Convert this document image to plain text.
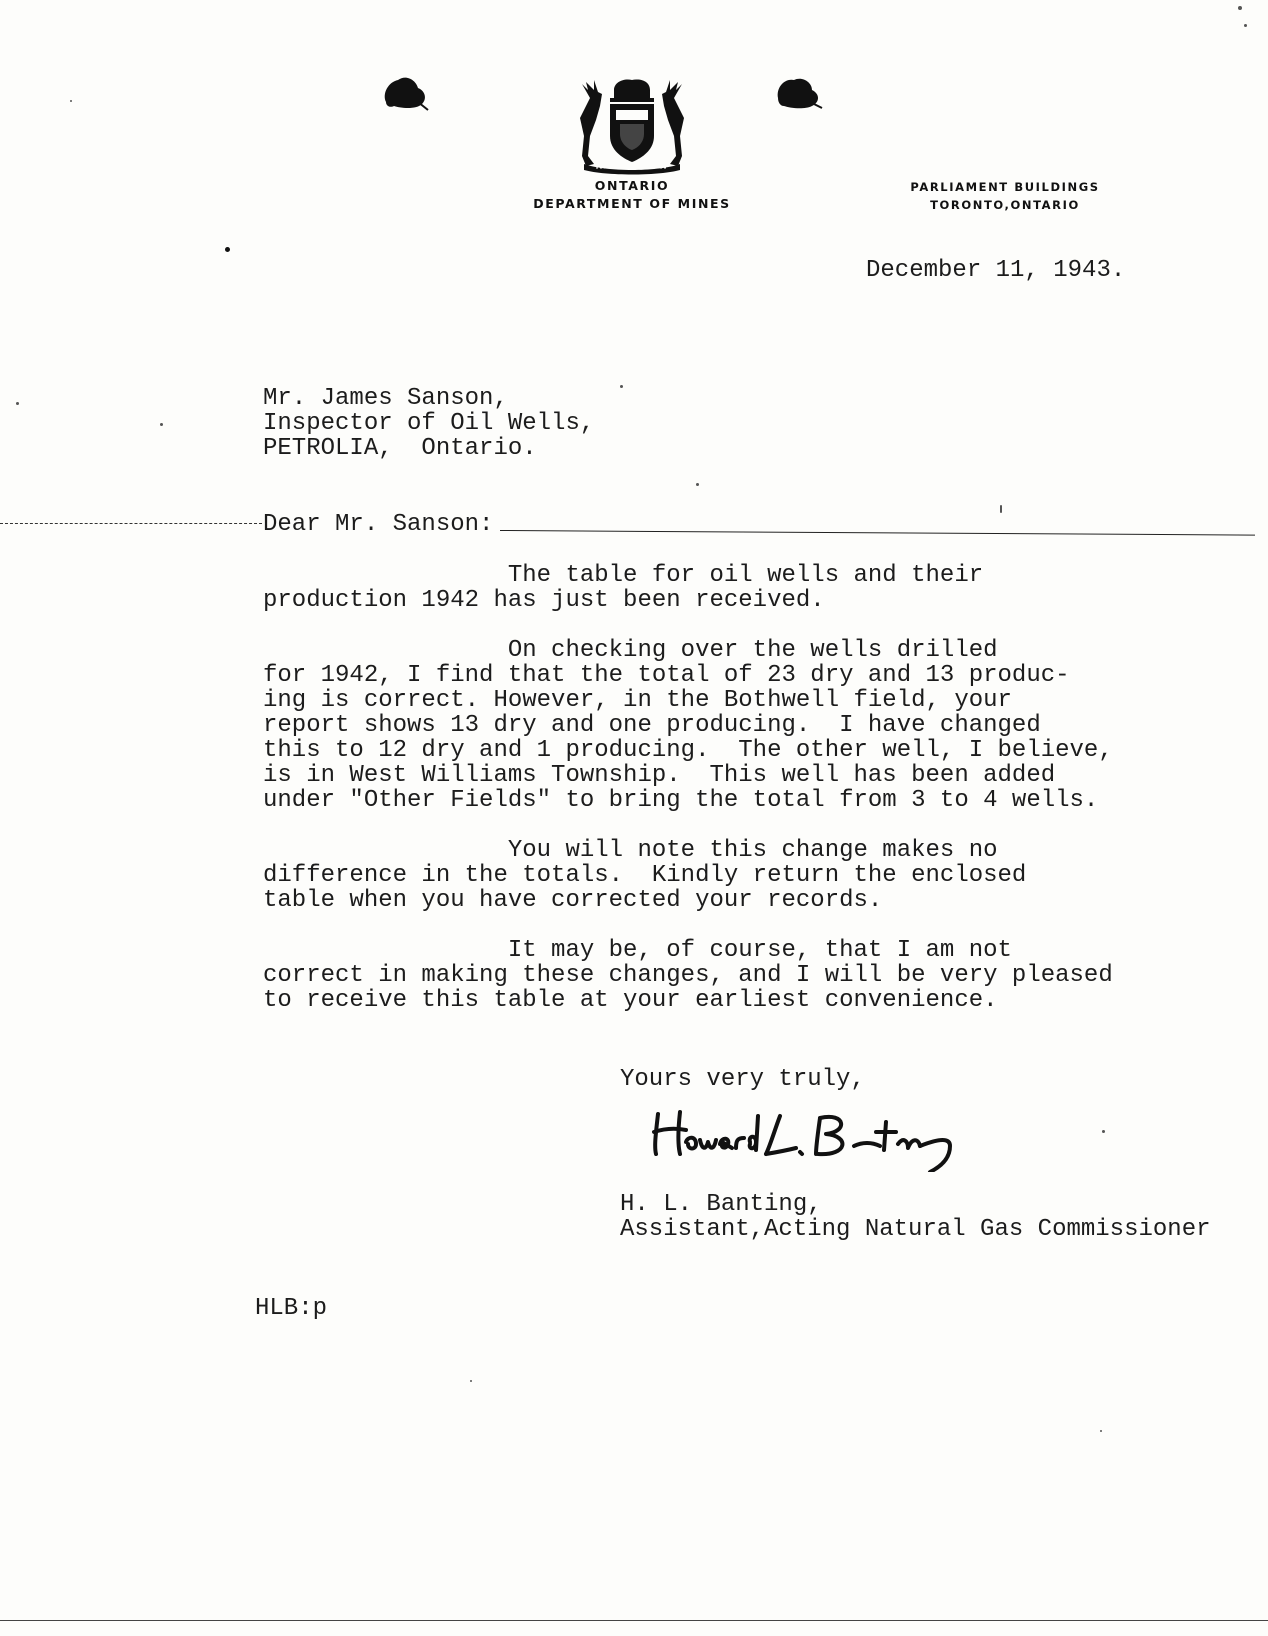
ONTARIO
DEPARTMENT OF MINES
PARLIAMENT BUILDINGS
TORONTO,ONTARIO
December 11, 1943.
Mr. James Sanson,
Inspector of Oil Wells,
PETROLIA,  Ontario.
Dear Mr. Sanson:
The table for oil wells and their
production 1942 has just been received.
On checking over the wells drilled
for 1942, I find that the total of 23 dry and 13 produc-
ing is correct. However, in the Bothwell field, your
report shows 13 dry and one producing.  I have changed
this to 12 dry and 1 producing.  The other well, I believe,
is in West Williams Township.  This well has been added
under "Other Fields" to bring the total from 3 to 4 wells.
You will note this change makes no
difference in the totals.  Kindly return the enclosed
table when you have corrected your records.
It may be, of course, that I am not
correct in making these changes, and I will be very pleased
to receive this table at your earliest convenience.
Yours very truly,
H. L. Banting,
Assistant,Acting Natural Gas Commissioner
HLB:p
